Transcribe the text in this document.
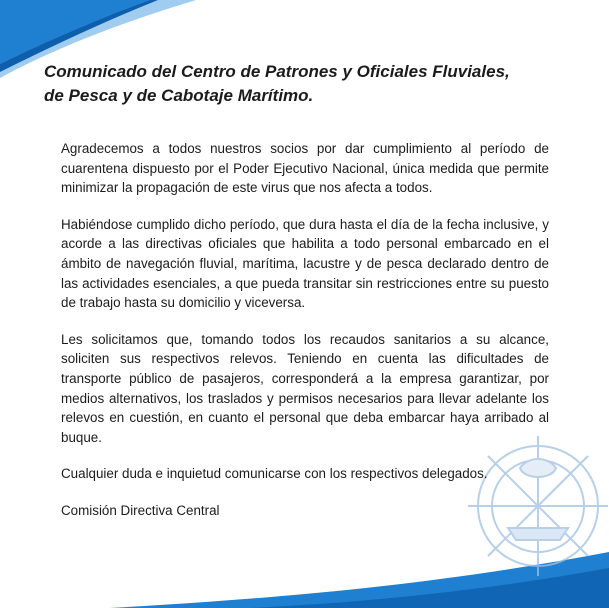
Comunicado del Centro de Patrones y Oficiales Fluviales,
de Pesca y de Cabotaje Marítimo.

Agradecemos a todos nuestros socios por dar cumplimiento al período de cuarentena dispuesto por el Poder Ejecutivo Nacional, única medida que permite minimizar la propagación de este virus que nos afecta a todos.

Habiéndose cumplido dicho período, que dura hasta el día de la fecha inclusive, y acorde a las directivas oficiales que habilita a todo personal embarcado en el ámbito de navegación fluvial, marítima, lacustre y de pesca declarado dentro de las actividades esenciales, a que pueda transitar sin restricciones entre su puesto de trabajo hasta su domicilio y viceversa.

Les solicitamos que, tomando todos los recaudos sanitarios a su alcance, soliciten sus respectivos relevos. Teniendo en cuenta las dificultades de transporte público de pasajeros, corresponderá a la empresa garantizar, por medios alternativos, los traslados y permisos necesarios para llevar adelante los relevos en cuestión, en cuanto el personal que deba embarcar haya arribado al buque.

Cualquier duda e inquietud comunicarse con los respectivos delegados.

Comisión Directiva Central
